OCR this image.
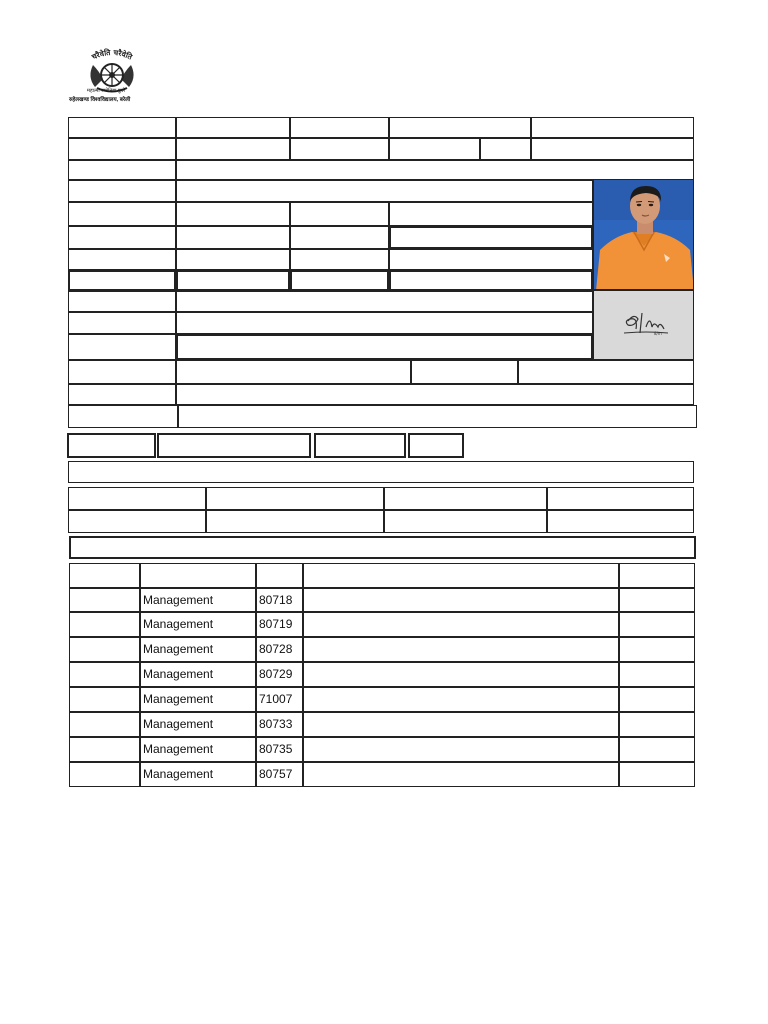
चरैवेति चरैवेति
महात्मा ज्योतिबा फुले
रुहेलखण्ड विश्वविद्यालय, बरेली
8/m
Management	80718
Management	80719
Management	80728
Management	80729
Management	71007
Management	80733
Management	80735
Management	80757
